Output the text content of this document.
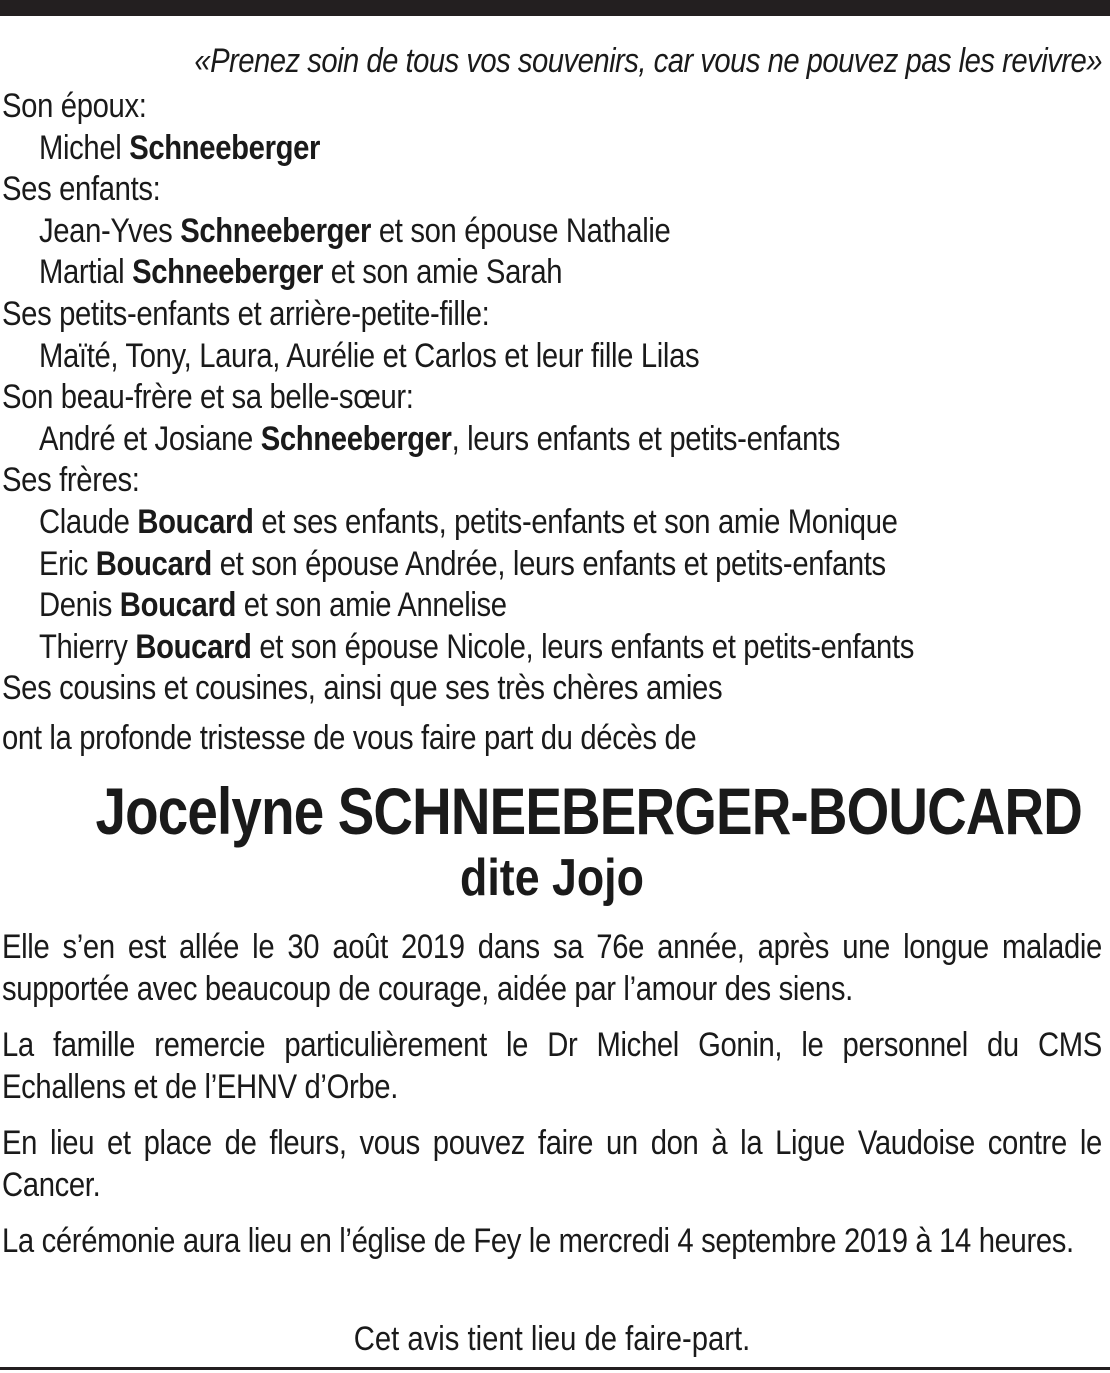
«Prenez soin de tous vos souvenirs, car vous ne pouvez pas les revivre»
Son époux:
Michel Schneeberger
Ses enfants:
Jean-Yves Schneeberger et son épouse Nathalie
Martial Schneeberger et son amie Sarah
Ses petits-enfants et arrière-petite-fille:
Maïté, Tony, Laura, Aurélie et Carlos et leur fille Lilas
Son beau-frère et sa belle-sœur:
André et Josiane Schneeberger, leurs enfants et petits-enfants
Ses frères:
Claude Boucard et ses enfants, petits-enfants et son amie Monique
Eric Boucard et son épouse Andrée, leurs enfants et petits-enfants
Denis Boucard et son amie Annelise
Thierry Boucard et son épouse Nicole, leurs enfants et petits-enfants
Ses cousins et cousines, ainsi que ses très chères amies
ont la profonde tristesse de vous faire part du décès de
Jocelyne SCHNEEBERGER-BOUCARD
dite Jojo
Elle s’en est allée le 30 août 2019 dans sa 76e année, après une longue maladie supportée avec beaucoup de courage, aidée par l’amour des siens.
La famille remercie particulièrement le Dr Michel Gonin, le personnel du CMS Echallens et de l’EHNV d’Orbe.
En lieu et place de fleurs, vous pouvez faire un don à la Ligue Vaudoise contre le Cancer.
La cérémonie aura lieu en l’église de Fey le mercredi 4 septembre 2019 à 14 heures.
Cet avis tient lieu de faire-part.
